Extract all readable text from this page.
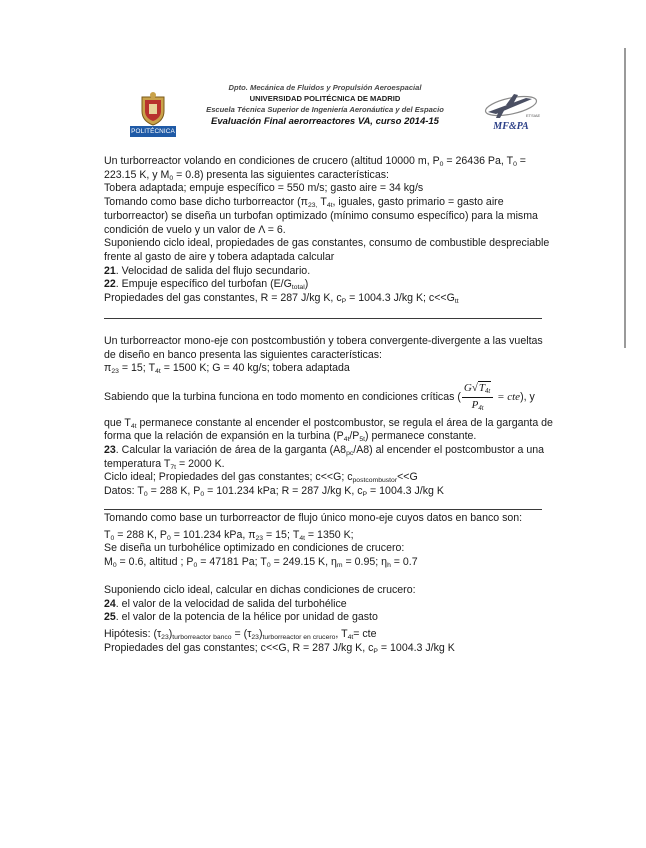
POLITÉCNICA
Dpto. Mecánica de Fluidos y Propulsión Aeroespacial
UNIVERSIDAD POLITÉCNICA DE MADRID
Escuela Técnica Superior de Ingeniería Aeronáutica y del Espacio
Evaluación Final aerorreactores VA, curso 2014-15
ETSIAE
MF&PA

Un turborreactor volando en condiciones de crucero (altitud 10000 m, $P_0 = 26436$ Pa, $T_0$ =

223.15 K, y $M_0 = 0.8$) presenta las siguientes características:

Tobera adaptada; empuje específico = 550 m/s; gasto aire = 34 kg/s

Tomando como base dicho turborreactor ($\pi_{23,}$ $T_{4t}$, iguales, gasto primario = gasto aire

turborreactor) se diseña un turbofan optimizado (mínimo consumo específico) para la misma

condición de vuelo y un valor de Λ = 6.

Suponiendo ciclo ideal, propiedades de gas constantes, consumo de combustible despreciable

frente al gasto de aire y tobera adaptada calcular

21. Velocidad de salida del flujo secundario.

22. Empuje específico del turbofan $(E/G_{total})$

Propiedades del gas constantes, R = 287 J/kg K, $c_P = 1004.3$ J/kg K; $c<<G_{tt}$

Un turborreactor mono-eje con postcombustión y tobera convergente-divergente a las vueltas

de diseño en banco presenta las siguientes características:

$\pi_{23} = 15$; $T_{4t} = 1500$ K; G = 40 kg/s; tobera adaptada

Sabiendo que la turbina funciona en todo momento en condiciones críticas ( $\frac{G√T_{4t}}{P_{4t}} = cte$), y

que $T_{4t}$ permanece constante al encender el postcombustor, se regula el área de la garganta de

forma que la relación de expansión en la turbina $(P_{4t}/P_{5t})$ permanece constante.

23. Calcular la variación de área de la garganta $(A8_{pc}/A8)$ al encender el postcombustor a una

temperatura $T_{7t} = 2000$ K.

Ciclo ideal; Propiedades del gas constantes; c<<G; $c_{postcombustor}<<G$

Datos: $T_0 = 288$ K, $P_0 = 101.234$ kPa; R = 287 J/kg K, $c_P = 1004.3$ J/kg K

Tomando como base un turborreactor de flujo único mono-eje cuyos datos en banco son:

$T_0 = 288$ K, $P_0 = 101.234$ kPa, $\pi_{23} = 15$; $T_{4t} = 1350$ K;

Se diseña un turbohélice optimizado en condiciones de crucero:

$M_0 = 0.6$, altitud ; $P_0 = 47181$ Pa; $T_0 = 249.15$ K, $\eta_m = 0.95$; $\eta_h = 0.7$

Suponiendo ciclo ideal, calcular en dichas condiciones de crucero:

24. el valor de la velocidad de salida del turbohélice

25. el valor de la potencia de la hélice por unidad de gasto

Hipótesis: $(\tau_{23})_{turborreactor banco} = (\tau_{23})_{turborreactor en crucero}$, $T_{4t}=$ cte

Propiedades del gas constantes; c<<G, R = 287 J/kg K, $c_P = 1004.3$ J/kg K
